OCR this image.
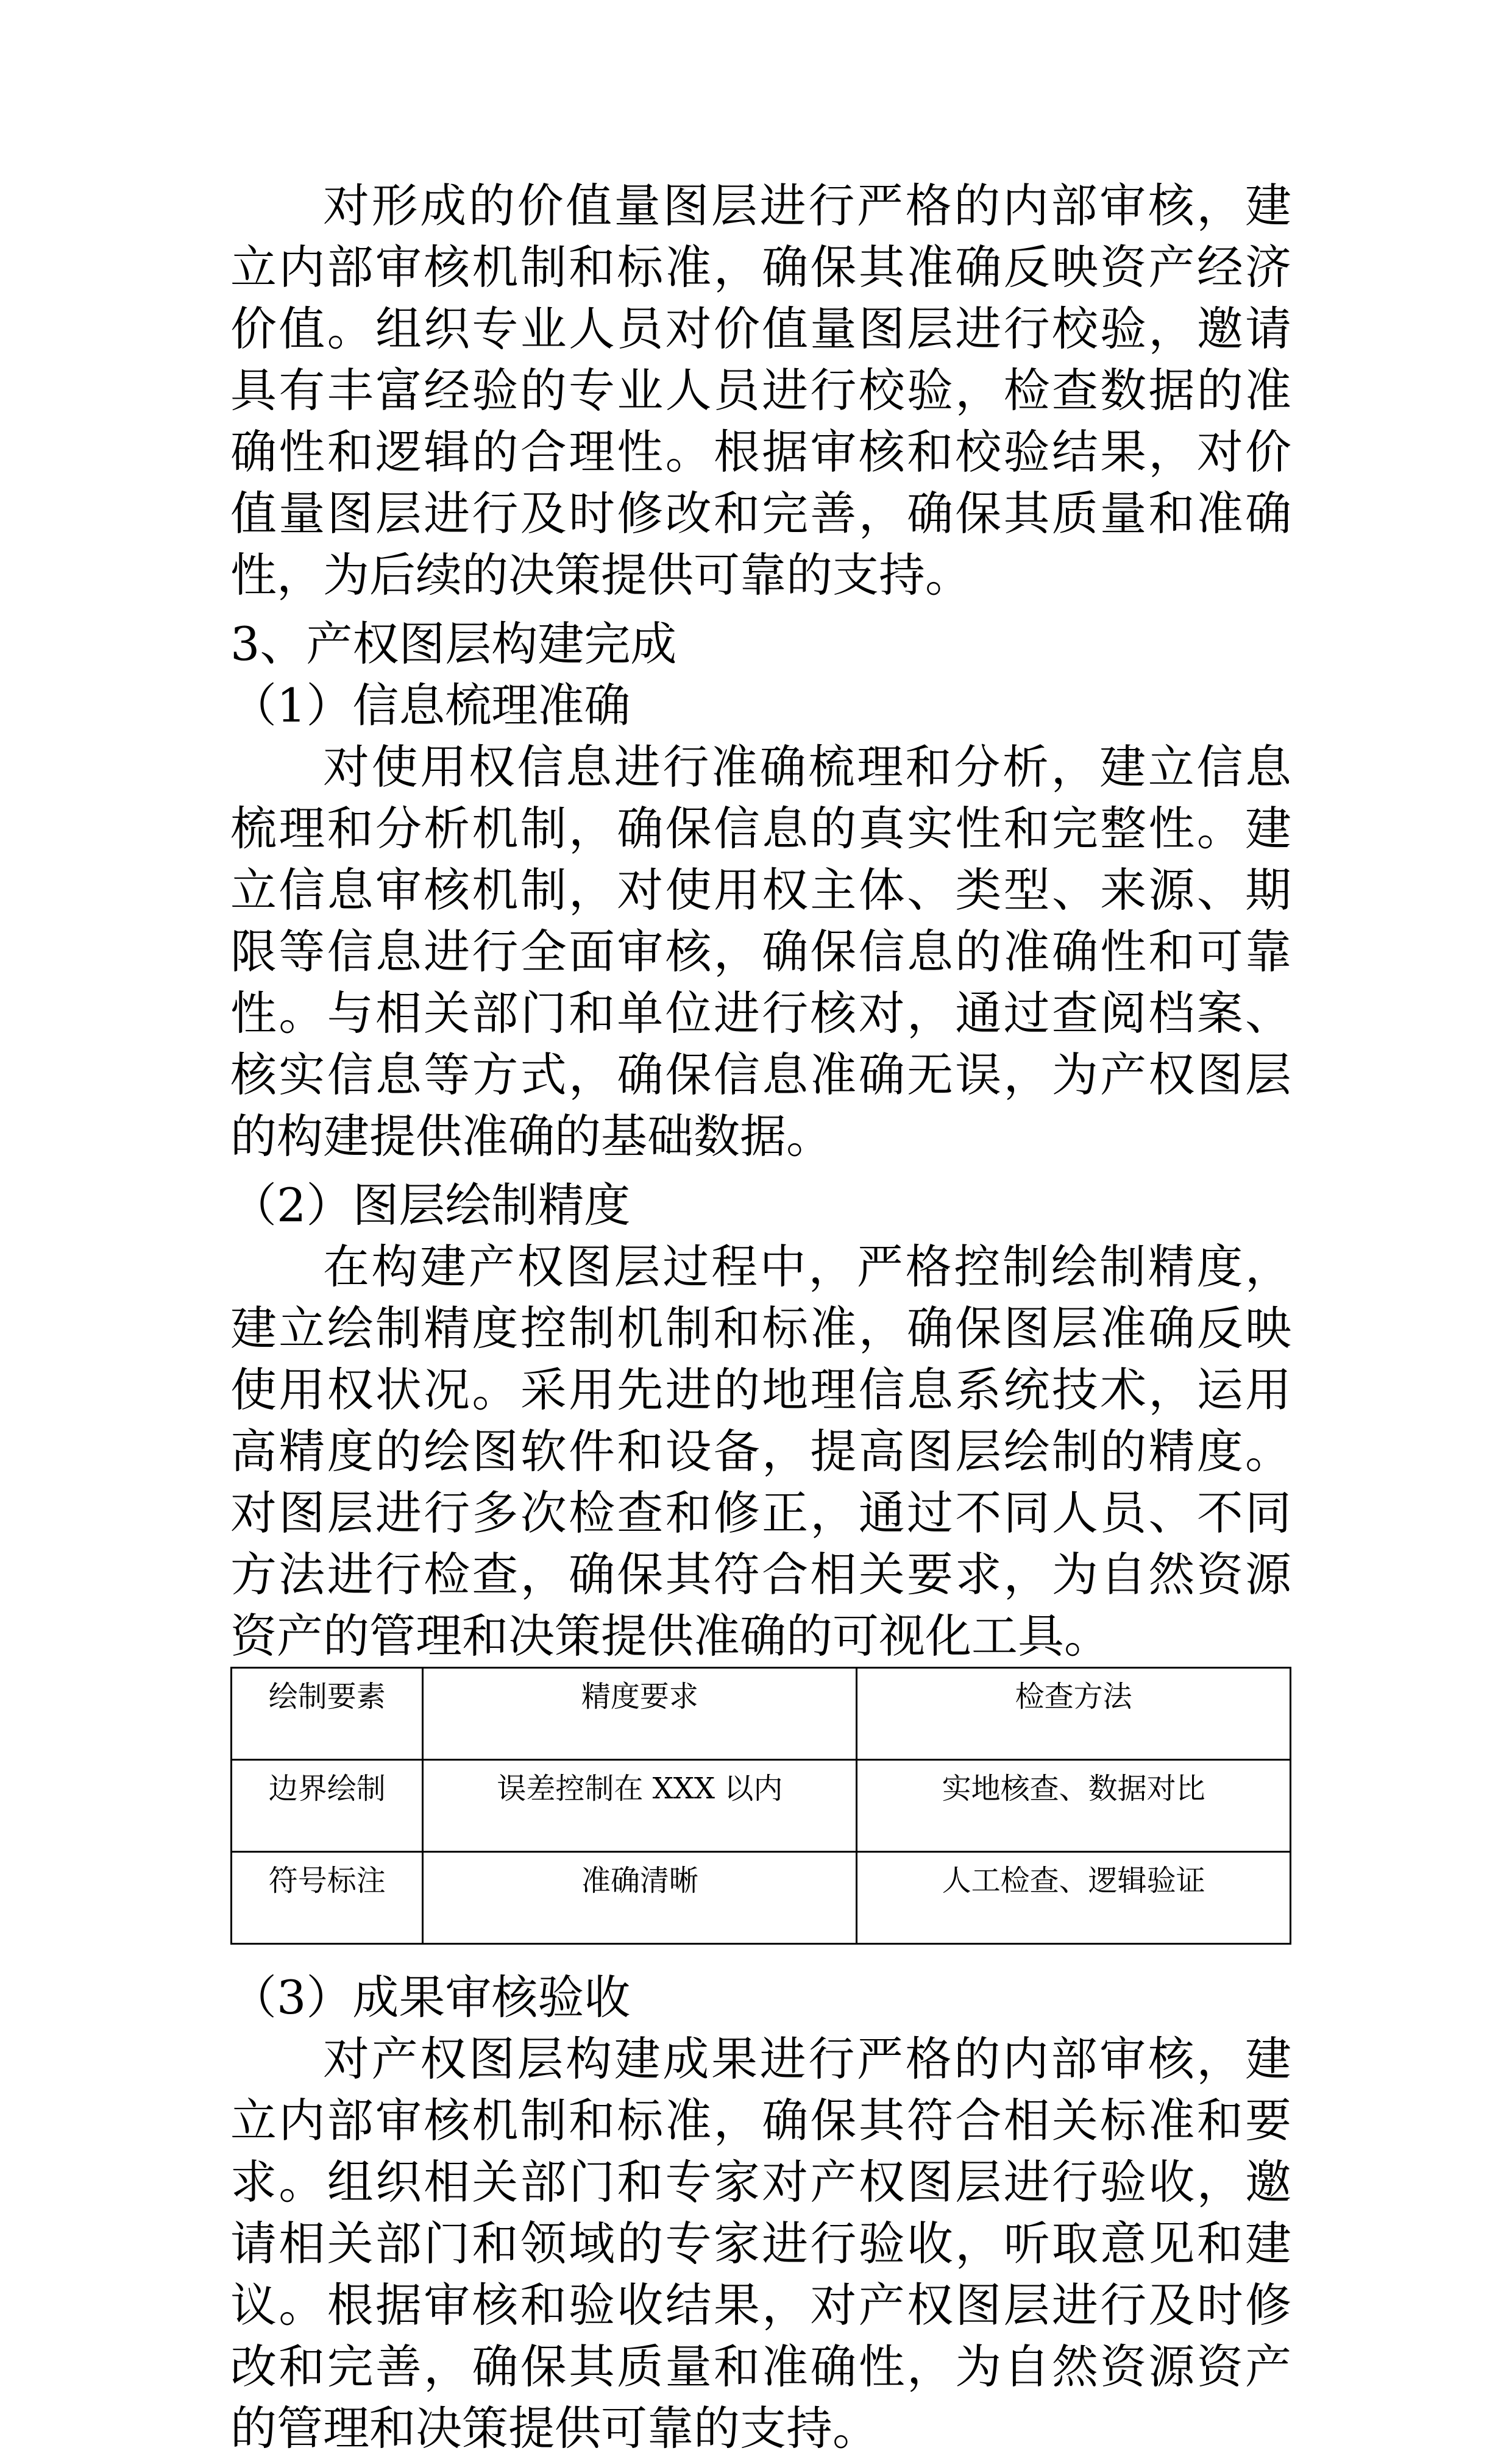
对形成的价值量图层进行严格的内部审核，建立内部审核机制和标准，确保其准确反映资产经济价值。组织专业人员对价值量图层进行校验，邀请具有丰富经验的专业人员进行校验，检查数据的准确性和逻辑的合理性。根据审核和校验结果，对价值量图层进行及时修改和完善，确保其质量和准确性，为后续的决策提供可靠的支持。

3、产权图层构建完成

（1）信息梳理准确

对使用权信息进行准确梳理和分析，建立信息梳理和分析机制，确保信息的真实性和完整性。建立信息审核机制，对使用权主体、类型、来源、期限等信息进行全面审核，确保信息的准确性和可靠性。与相关部门和单位进行核对，通过查阅档案、核实信息等方式，确保信息准确无误，为产权图层的构建提供准确的基础数据。

（2）图层绘制精度

在构建产权图层过程中，严格控制绘制精度，建立绘制精度控制机制和标准，确保图层准确反映使用权状况。采用先进的地理信息系统技术，运用高精度的绘图软件和设备，提高图层绘制的精度。对图层进行多次检查和修正，通过不同人员、不同方法进行检查，确保其符合相关要求，为自然资源资产的管理和决策提供准确的可视化工具。

绘制要素	精度要求	检查方法
边界绘制	误差控制在 XXX 以内	实地核查、数据对比
符号标注	准确清晰	人工检查、逻辑验证

（3）成果审核验收

对产权图层构建成果进行严格的内部审核，建立内部审核机制和标准，确保其符合相关标准和要求。组织相关部门和专家对产权图层进行验收，邀请相关部门和领域的专家进行验收，听取意见和建议。根据审核和验收结果，对产权图层进行及时修改和完善，确保其质量和准确性，为自然资源资产的管理和决策提供可靠的支持。
